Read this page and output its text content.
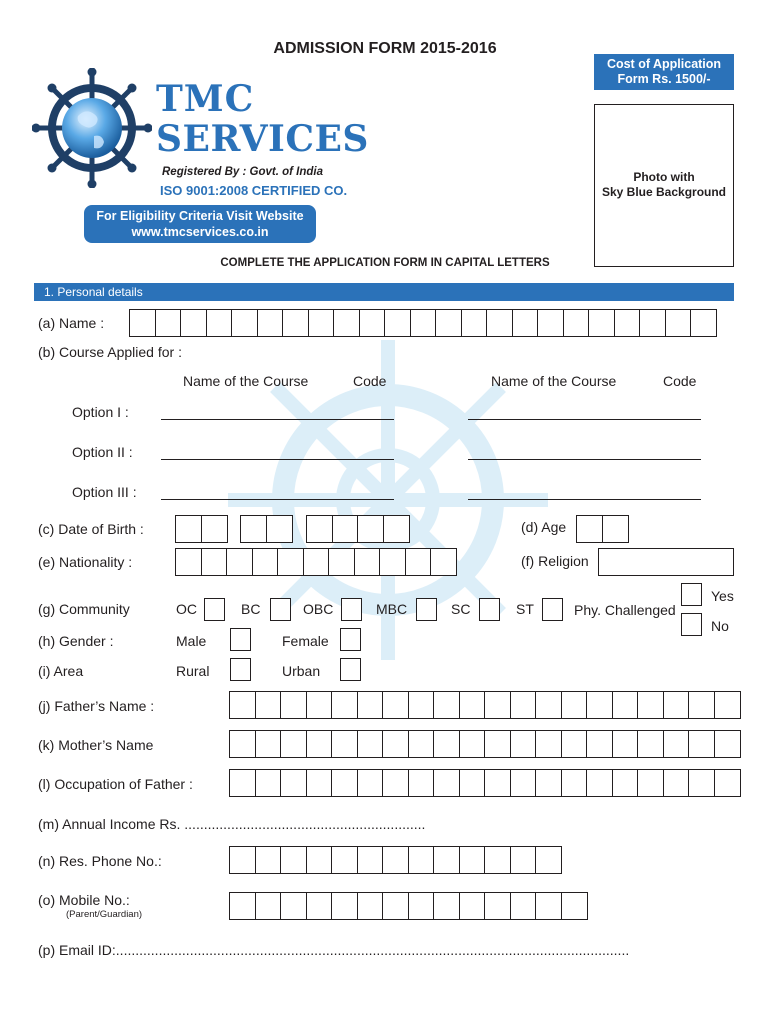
ADMISSION FORM 2015-2016
Cost of Application
Form Rs. 1500/-
Photo with
Sky Blue Background
TMC
SERVICES
Registered By : Govt. of India
ISO 9001:2008 CERTIFIED CO.
For Eligibility Criteria Visit Website
www.tmcservices.co.in
COMPLETE THE APPLICATION FORM IN CAPITAL LETTERS
1. Personal details
(a) Name :
(b) Course Applied for :
Name of the Course	Code	Name of the Course	Code
Option I :
Option II :
Option III :
(c) Date of Birth :	(d) Age
(e) Nationality :	(f) Religion
(g) Community	OC	BC	OBC	MBC	SC	ST	Phy. Challenged
Yes
No
(h) Gender :	Male	Female
(i) Area	Rural	Urban
(j) Father’s Name :
(k) Mother’s Name
(l) Occupation of Father :
(m) Annual Income Rs. ..............................................................
(n) Res. Phone No.:
(o) Mobile No.:
(Parent/Guardian)
(p) Email ID:....................................................................................................................................
